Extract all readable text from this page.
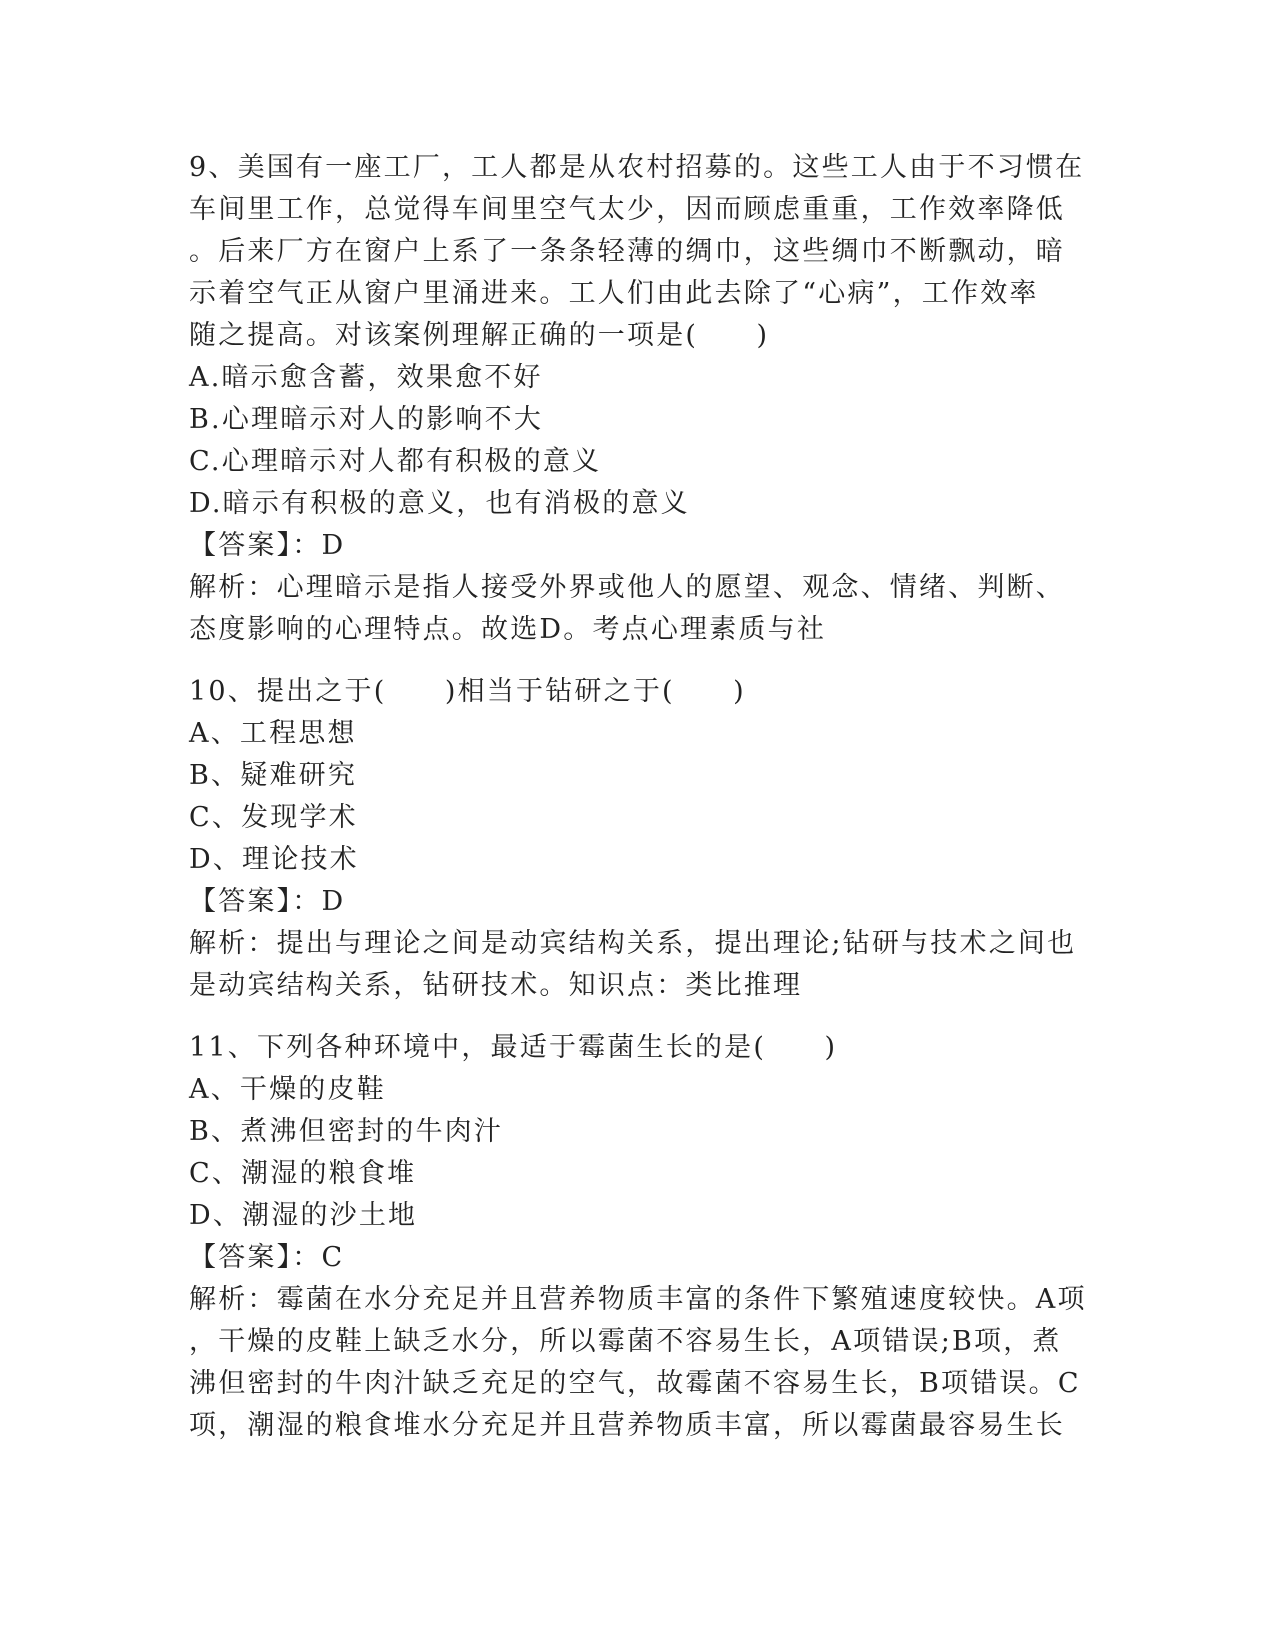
9、美国有一座工厂，工人都是从农村招募的。这些工人由于不习惯在
车间里工作，总觉得车间里空气太少，因而顾虑重重，工作效率降低
。后来厂方在窗户上系了一条条轻薄的绸巾，这些绸巾不断飘动，暗
示着空气正从窗户里涌进来。工人们由此去除了“心病”，工作效率
随之提高。对该案例理解正确的一项是(　　)
A.暗示愈含蓄，效果愈不好
B.心理暗示对人的影响不大
C.心理暗示对人都有积极的意义
D.暗示有积极的意义，也有消极的意义
【答案】：D
解析：心理暗示是指人接受外界或他人的愿望、观念、情绪、判断、
态度影响的心理特点。故选D。考点心理素质与社
10、提出之于(　　)相当于钻研之于(　　)
A、工程思想
B、疑难研究
C、发现学术
D、理论技术
【答案】：D
解析：提出与理论之间是动宾结构关系，提出理论;钻研与技术之间也
是动宾结构关系，钻研技术。知识点：类比推理
11、下列各种环境中，最适于霉菌生长的是(　　)
A、干燥的皮鞋
B、煮沸但密封的牛肉汁
C、潮湿的粮食堆
D、潮湿的沙土地
【答案】：C
解析：霉菌在水分充足并且营养物质丰富的条件下繁殖速度较快。A项
，干燥的皮鞋上缺乏水分，所以霉菌不容易生长，A项错误;B项，煮
沸但密封的牛肉汁缺乏充足的空气，故霉菌不容易生长，B项错误。C
项，潮湿的粮食堆水分充足并且营养物质丰富，所以霉菌最容易生长
